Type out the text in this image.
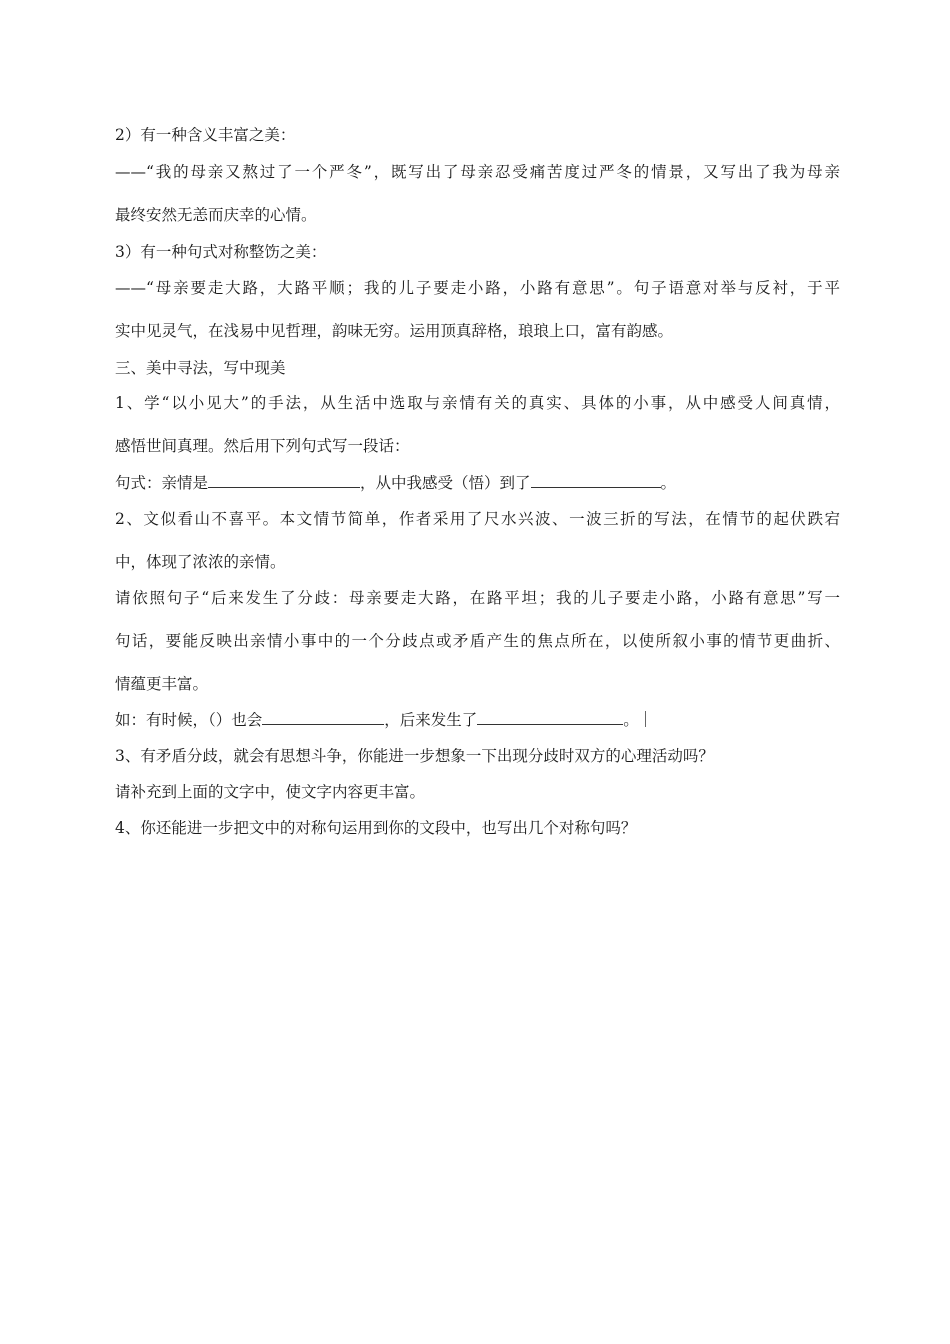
2）有一种含义丰富之美：

——“我的母亲又熬过了一个严冬”，既写出了母亲忍受痛苦度过严冬的情景，又写出了我为母亲

最终安然无恙而庆幸的心情。

3）有一种句式对称整饬之美：

——“母亲要走大路，大路平顺；我的儿子要走小路，小路有意思”。句子语意对举与反衬，于平

实中见灵气，在浅易中见哲理，韵味无穷。运用顶真辞格，琅琅上口，富有韵感。

三、美中寻法，写中现美

1、学“以小见大”的手法，从生活中选取与亲情有关的真实、具体的小事，从中感受人间真情，

感悟世间真理。然后用下列句式写一段话：

句式：亲情是	，从中我感受（悟）到了	。

2、文似看山不喜平。本文情节简单，作者采用了尺水兴波、一波三折的写法，在情节的起伏跌宕

中，体现了浓浓的亲情。

请依照句子“后来发生了分歧：母亲要走大路，在路平坦；我的儿子要走小路，小路有意思”写一

句话，要能反映出亲情小事中的一个分歧点或矛盾产生的焦点所在，以使所叙小事的情节更曲折、

情蕴更丰富。

如：有时候，（）也会	，后来发生了	。

3、有矛盾分歧，就会有思想斗争，你能进一步想象一下出现分歧时双方的心理活动吗？

请补充到上面的文字中，使文字内容更丰富。

4、你还能进一步把文中的对称句运用到你的文段中，也写出几个对称句吗？
